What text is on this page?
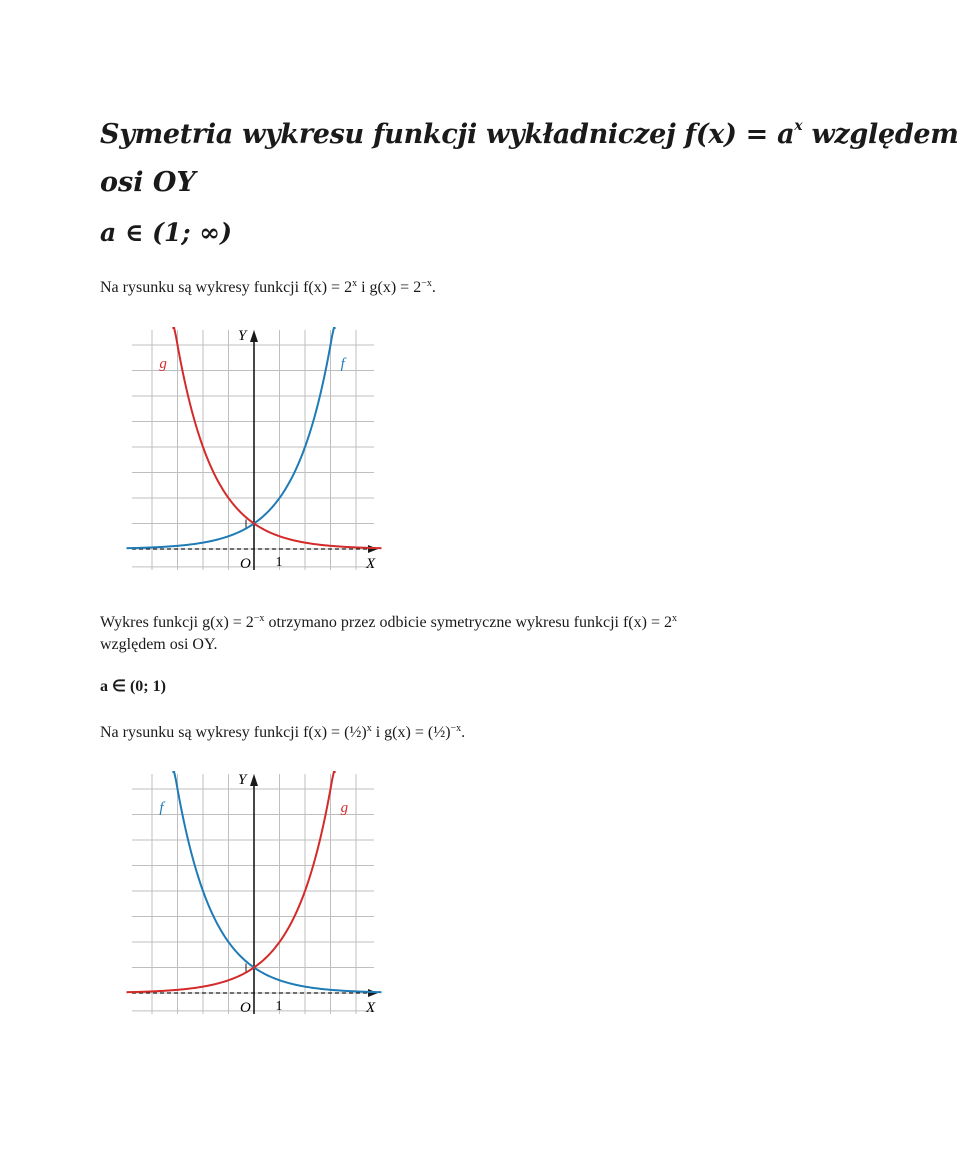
Symetria wykresu funkcji wykładniczej $f(x) = a^x$ względem
osi OY
a ∈ (1; ∞)
Na rysunku są wykresy funkcji $f(x) = 2^x$ i $g(x) = 2^{-x}$.
Y
X
O 1
f
g
Wykres funkcji $g(x) = 2^{-x}$ otrzymano przez odbicie symetryczne wykresu funkcji $f(x) = 2^x$
względem osi OY.
a ∈ (0; 1)
Na rysunku są wykresy funkcji f(x) = (½)$^x$ i g(x) = (½)$^{-x}$.
Y
X
O 1
f	g
